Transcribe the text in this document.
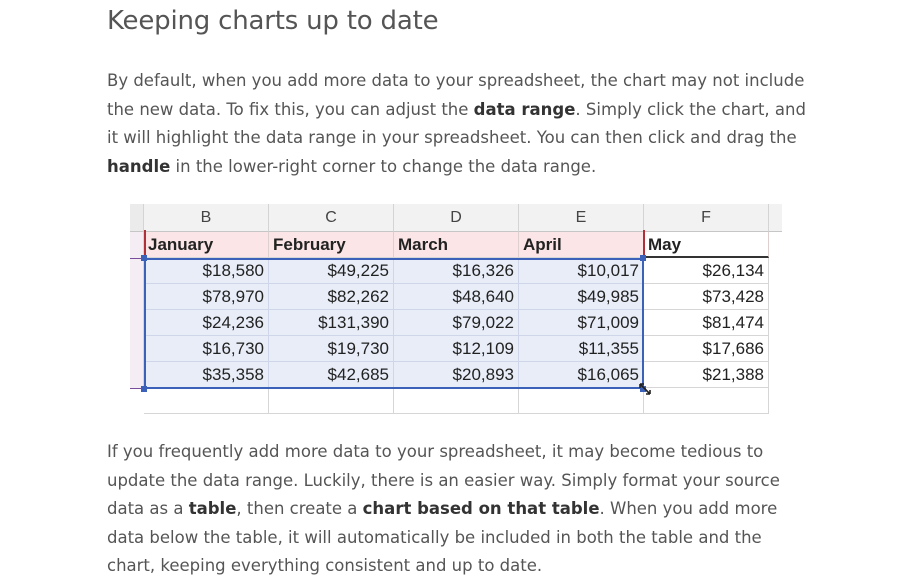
Keeping charts up to date

By default, when you add more data to your spreadsheet, the chart may not include the new data. To fix this, you can adjust the data range. Simply click the chart, and it will highlight the data range in your spreadsheet. You can then click and drag the handle in the lower-right corner to change the data range.

B	C	D	E	F
January	February	March	April	May
$18,580	$49,225	$16,326	$10,017	$26,134
$78,970	$82,262	$48,640	$49,985	$73,428
$24,236	$131,390	$79,022	$71,009	$81,474
$16,730	$19,730	$12,109	$11,355	$17,686
$35,358	$42,685	$20,893	$16,065	$21,388

If you frequently add more data to your spreadsheet, it may become tedious to update the data range. Luckily, there is an easier way. Simply format your source data as a table, then create a chart based on that table. When you add more data below the table, it will automatically be included in both the table and the chart, keeping everything consistent and up to date.
